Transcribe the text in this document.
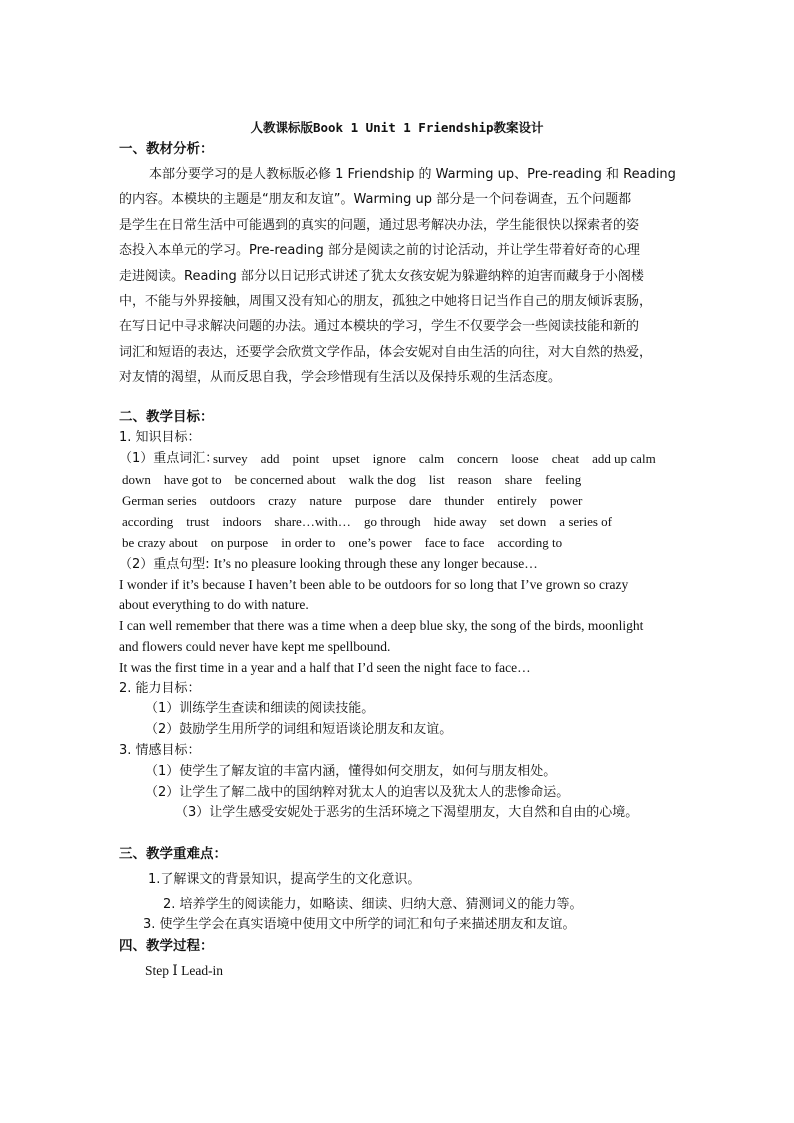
人教课标版Book 1 Unit 1 Friendship教案设计
一、教材分析：
本部分要学习的是人教标版必修 1 Friendship 的 Warming up、Pre-reading 和 Reading
的内容。本模块的主题是“朋友和友谊”。Warming up 部分是一个问卷调查，五个问题都
是学生在日常生活中可能遇到的真实的问题，通过思考解决办法，学生能很快以探索者的姿
态投入本单元的学习。Pre-reading 部分是阅读之前的讨论活动，并让学生带着好奇的心理
走进阅读。Reading 部分以日记形式讲述了犹太女孩安妮为躲避纳粹的迫害而藏身于小阁楼
中，不能与外界接触，周围又没有知心的朋友，孤独之中她将日记当作自己的朋友倾诉衷肠，
在写日记中寻求解决问题的办法。通过本模块的学习，学生不仅要学会一些阅读技能和新的
词汇和短语的表达，还要学会欣赏文学作品，体会安妮对自由生活的向往，对大自然的热爱，
对友情的渴望，从而反思自我，学会珍惜现有生活以及保持乐观的生活态度。
二、教学目标：
1. 知识目标：
（1）重点词汇：
survey add point upset ignore calm concern loose cheat add up calm
down have got to be concerned about walk the dog list reason share feeling
German series outdoors crazy nature purpose dare thunder entirely power
according trust indoors share…with… go through hide away set down a series of
be crazy about on purpose in order to one’s power face to face according to
（2）重点句型: It’s no pleasure looking through these any longer because…
I wonder if it’s because I haven’t been able to be outdoors for so long that I’ve grown so crazy
about everything to do with nature.
I can well remember that there was a time when a deep blue sky, the song of the birds, moonlight
and flowers could never have kept me spellbound.
It was the first time in a year and a half that I’d seen the night face to face…
2. 能力目标：
（1）训练学生查读和细读的阅读技能。
（2）鼓励学生用所学的词组和短语谈论朋友和友谊。
3. 情感目标：
（1）使学生了解友谊的丰富内涵，懂得如何交朋友，如何与朋友相处。
（2）让学生了解二战中的国纳粹对犹太人的迫害以及犹太人的悲惨命运。
（3）让学生感受安妮处于恶劣的生活环境之下渴望朋友，大自然和自由的心境。
三、教学重难点：
1.了解课文的背景知识，提高学生的文化意识。
2. 培养学生的阅读能力，如略读、细读、归纳大意、猜测词义的能力等。
3. 使学生学会在真实语境中使用文中所学的词汇和句子来描述朋友和友谊。
四、教学过程：
Step Ⅰ Lead-in
